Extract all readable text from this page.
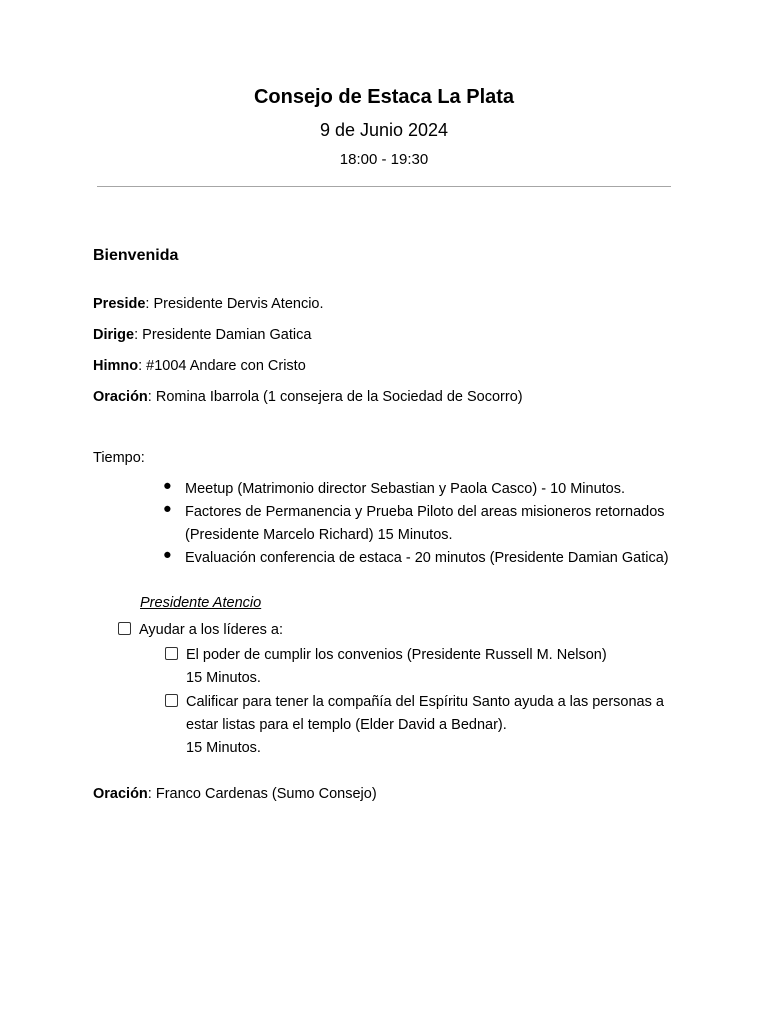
Consejo de Estaca La Plata
9 de Junio 2024
18:00 - 19:30
Bienvenida
Preside: Presidente Dervis Atencio.
Dirige: Presidente Damian Gatica
Himno: #1004 Andare con Cristo
Oración: Romina Ibarrola (1 consejera de la Sociedad de Socorro)
Tiempo:
● Meetup (Matrimonio director Sebastian y Paola Casco) - 10 Minutos.
● Factores de Permanencia y Prueba Piloto del areas misioneros retornados
(Presidente Marcelo Richard) 15 Minutos.
● Evaluación conferencia de estaca - 20 minutos (Presidente Damian Gatica)
Presidente Atencio
Ayudar a los líderes a:
El poder de cumplir los convenios (Presidente Russell M. Nelson)
15 Minutos.
Calificar para tener la compañía del Espíritu Santo ayuda a las personas a
estar listas para el templo (Elder David a Bednar).
15 Minutos.
Oración: Franco Cardenas (Sumo Consejo)
